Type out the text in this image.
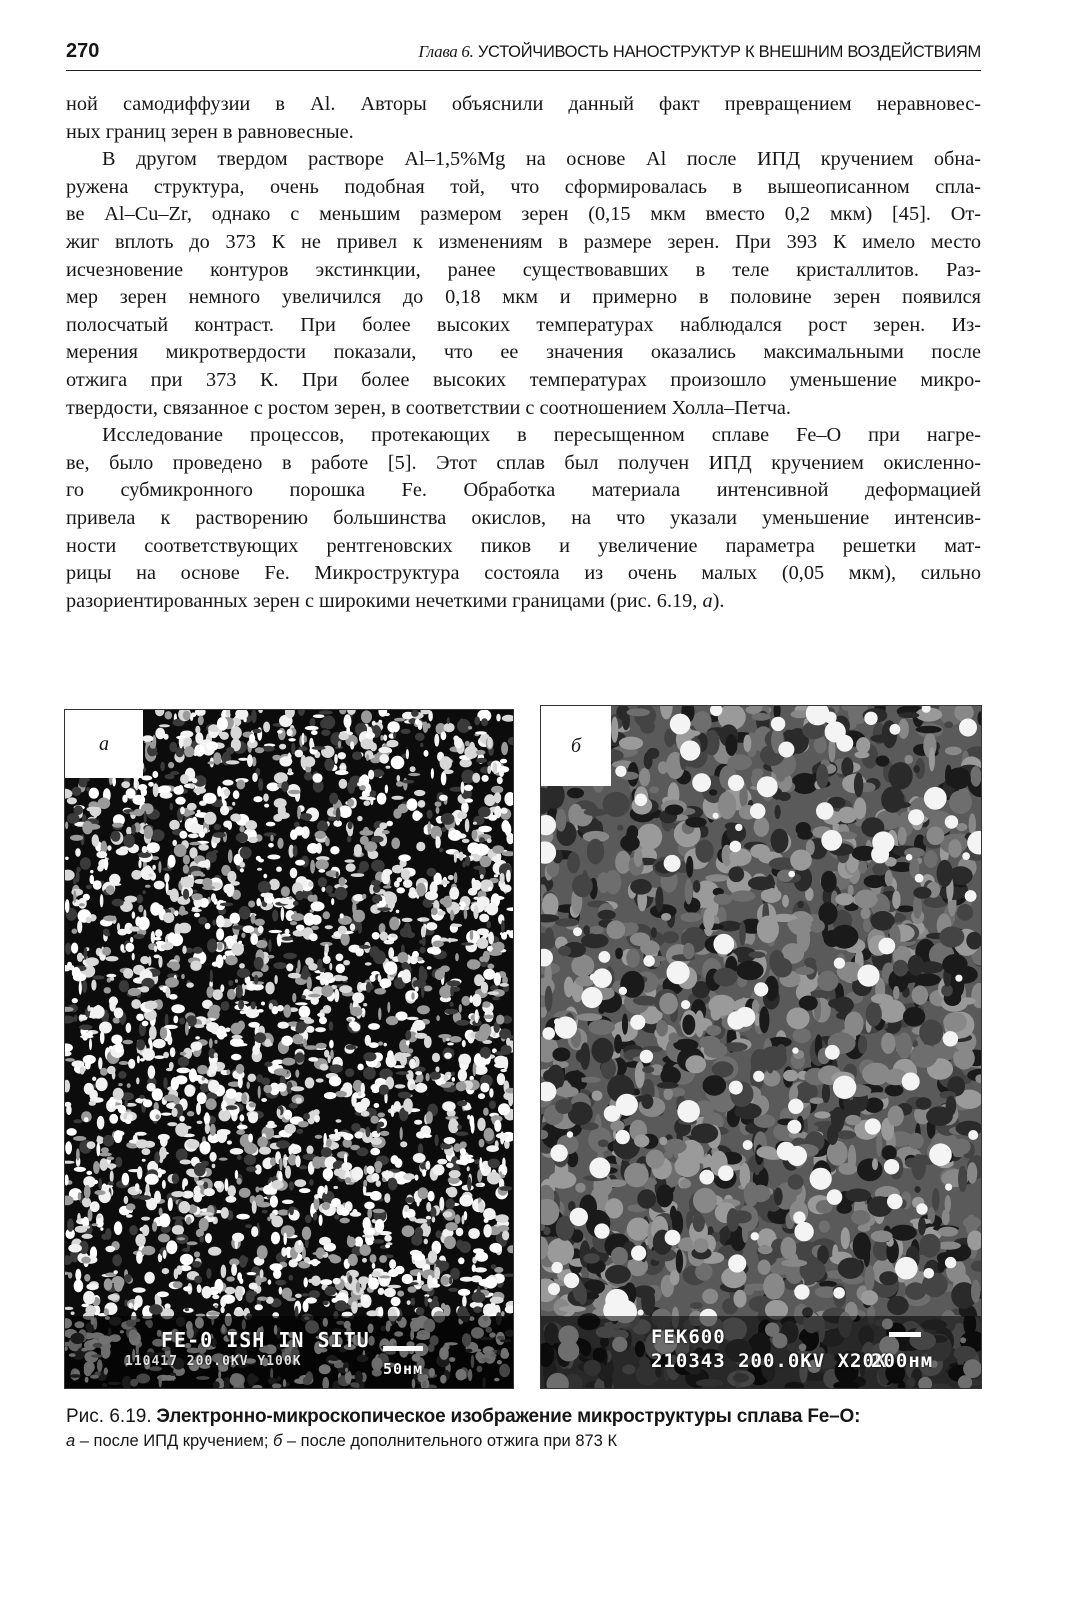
270	Глава 6. УСТОЙЧИВОСТЬ НАНОСТРУКТУР К ВНЕШНИМ ВОЗДЕЙСТВИЯМ

ной самодиффузии в Al. Авторы объяснили данный факт превращением неравновес-
ных границ зерен в равновесные.

В другом твердом растворе Al–1,5%Mg на основе Al после ИПД кручением обна-
ружена структура, очень подобная той, что сформировалась в вышеописанном спла-
ве Al–Cu–Zr, однако с меньшим размером зерен (0,15 мкм вместо 0,2 мкм) [45]. От-
жиг вплоть до 373 К не привел к изменениям в размере зерен. При 393 К имело место
исчезновение контуров экстинкции, ранее существовавших в теле кристаллитов. Раз-
мер зерен немного увеличился до 0,18 мкм и примерно в половине зерен появился
полосчатый контраст. При более высоких температурах наблюдался рост зерен. Из-
мерения микротвердости показали, что ее значения оказались максимальными после
отжига при 373 К. При более высоких температурах произошло уменьшение микро-
твердости, связанное с ростом зерен, в соответствии с соотношением Холла–Петча.

Исследование процессов, протекающих в пересыщенном сплаве Fe–O при нагре-
ве, было проведено в работе [5]. Этот сплав был получен ИПД кручением окисленно-
го субмикронного порошка Fe. Обработка материала интенсивной деформацией
привела к растворению большинства окислов, на что указали уменьшение интенсив-
ности соответствующих рентгеновских пиков и увеличение параметра решетки мат-
рицы на основе Fe. Микроструктура состояла из очень малых (0,05 мкм), сильно
разориентированных зерен с широкими нечеткими границами (рис. 6.19, а).

а
FE-0 ISH IN SITU
110417 200.0KV Y100K	50нм
б
FEK600
210343 200.0KV X20K
200нм
Рис. 6.19. Электронно-микроскопическое изображение микроструктуры сплава Fe–O:
а – после ИПД кручением; б – после дополнительного отжига при 873 К
